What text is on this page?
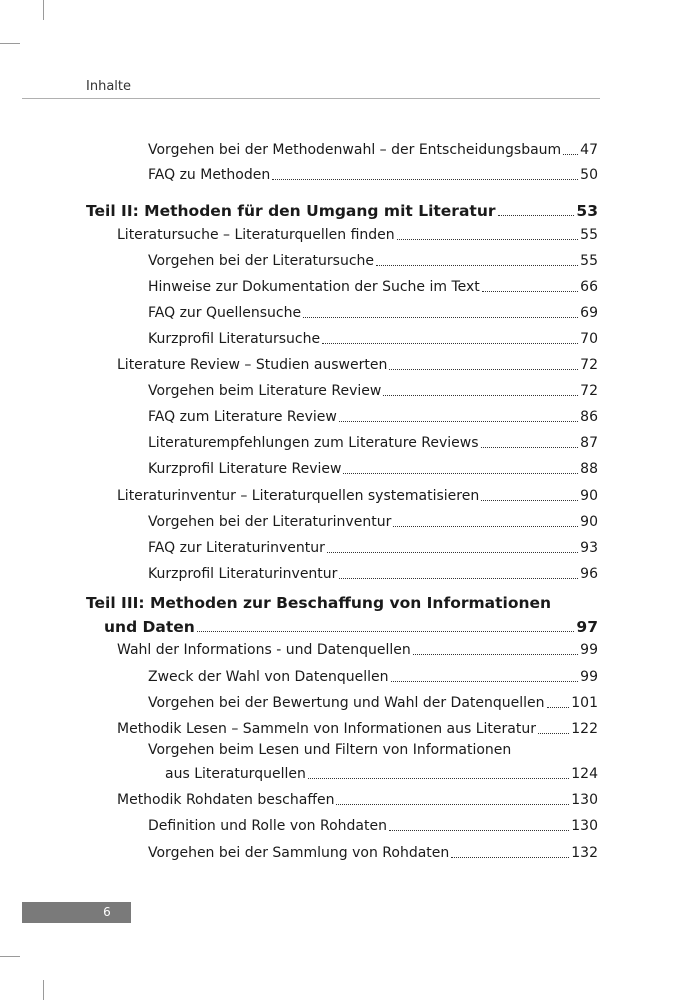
Inhalte
Vorgehen bei der Methodenwahl – der Entscheidungsbaum 47
FAQ zu Methoden	50
Teil II: Methoden für den Umgang mit Literatur	53
Literatursuche – Literaturquellen finden	55
Vorgehen bei der Literatursuche	55
Hinweise zur Dokumentation der Suche im Text	66
FAQ zur Quellensuche	69
Kurzprofil Literatursuche	70
Literature Review – Studien auswerten	72
Vorgehen beim Literature Review	72
FAQ zum Literature Review	86
Literaturempfehlungen zum Literature Reviews	87
Kurzprofil Literature Review	88
Literaturinventur – Literaturquellen systematisieren	90
Vorgehen bei der Literaturinventur	90
FAQ zur Literaturinventur	93
Kurzprofil Literaturinventur	96
Teil III: Methoden zur Beschaffung von Informationen
und Daten	97
Wahl der Informations - und Datenquellen	99
Zweck der Wahl von Datenquellen	99
Vorgehen bei der Bewertung und Wahl der Datenquellen 101
Methodik Lesen – Sammeln von Informationen aus Literatur	122
Vorgehen beim Lesen und Filtern von Informationen
aus Literaturquellen	124
Methodik Rohdaten beschaffen	130
Definition und Rolle von Rohdaten	130
Vorgehen bei der Sammlung von Rohdaten	132
6
